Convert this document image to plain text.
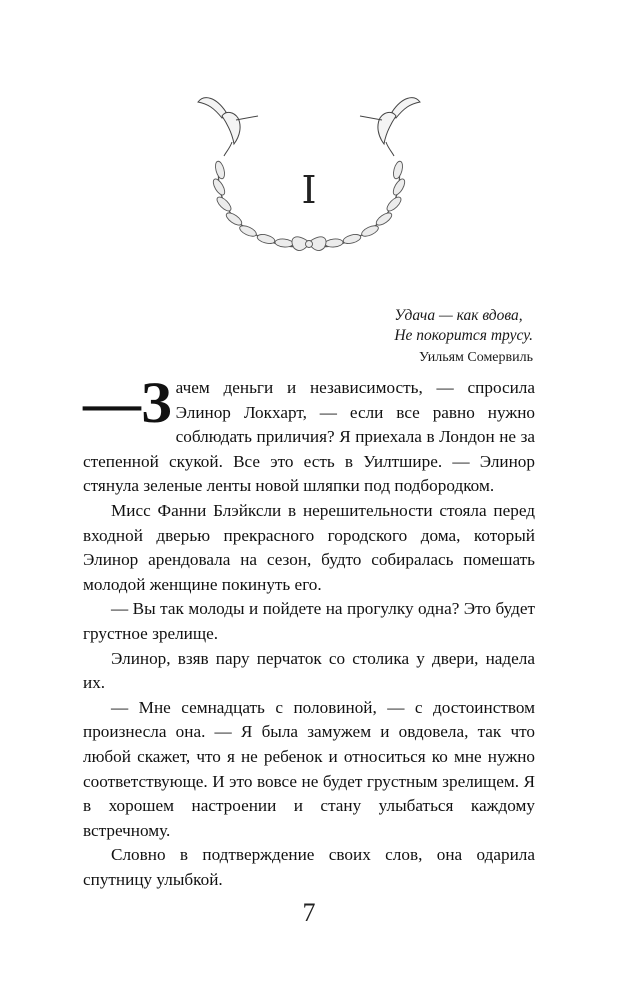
I
Удача — как вдова,
Не покорится трусу.
Уильям Сомервиль

—З ачем деньги и независимость, — спросила Элинор Локхарт, — если все равно нужно соблюдать приличия? Я приехала в Лондон не за степенной скукой. Все это есть в Уилтшире. — Элинор стянула зеленые ленты новой шляпки под подбородком.

Мисс Фанни Блэйксли в нерешительности стояла перед входной дверью прекрасного городского дома, который Элинор арендовала на сезон, будто собиралась помешать молодой женщине покинуть его.

— Вы так молоды и пойдете на прогулку одна? Это будет грустное зрелище.

Элинор, взяв пару перчаток со столика у двери, надела их.

— Мне семнадцать с половиной, — с достоинством произнесла она. — Я была замужем и овдовела, так что любой скажет, что я не ребенок и относиться ко мне нужно соответствующе. И это вовсе не будет грустным зрелищем. Я в хорошем настроении и стану улыбаться каждому встречному.

Словно в подтверждение своих слов, она одарила спутницу улыбкой.

7
